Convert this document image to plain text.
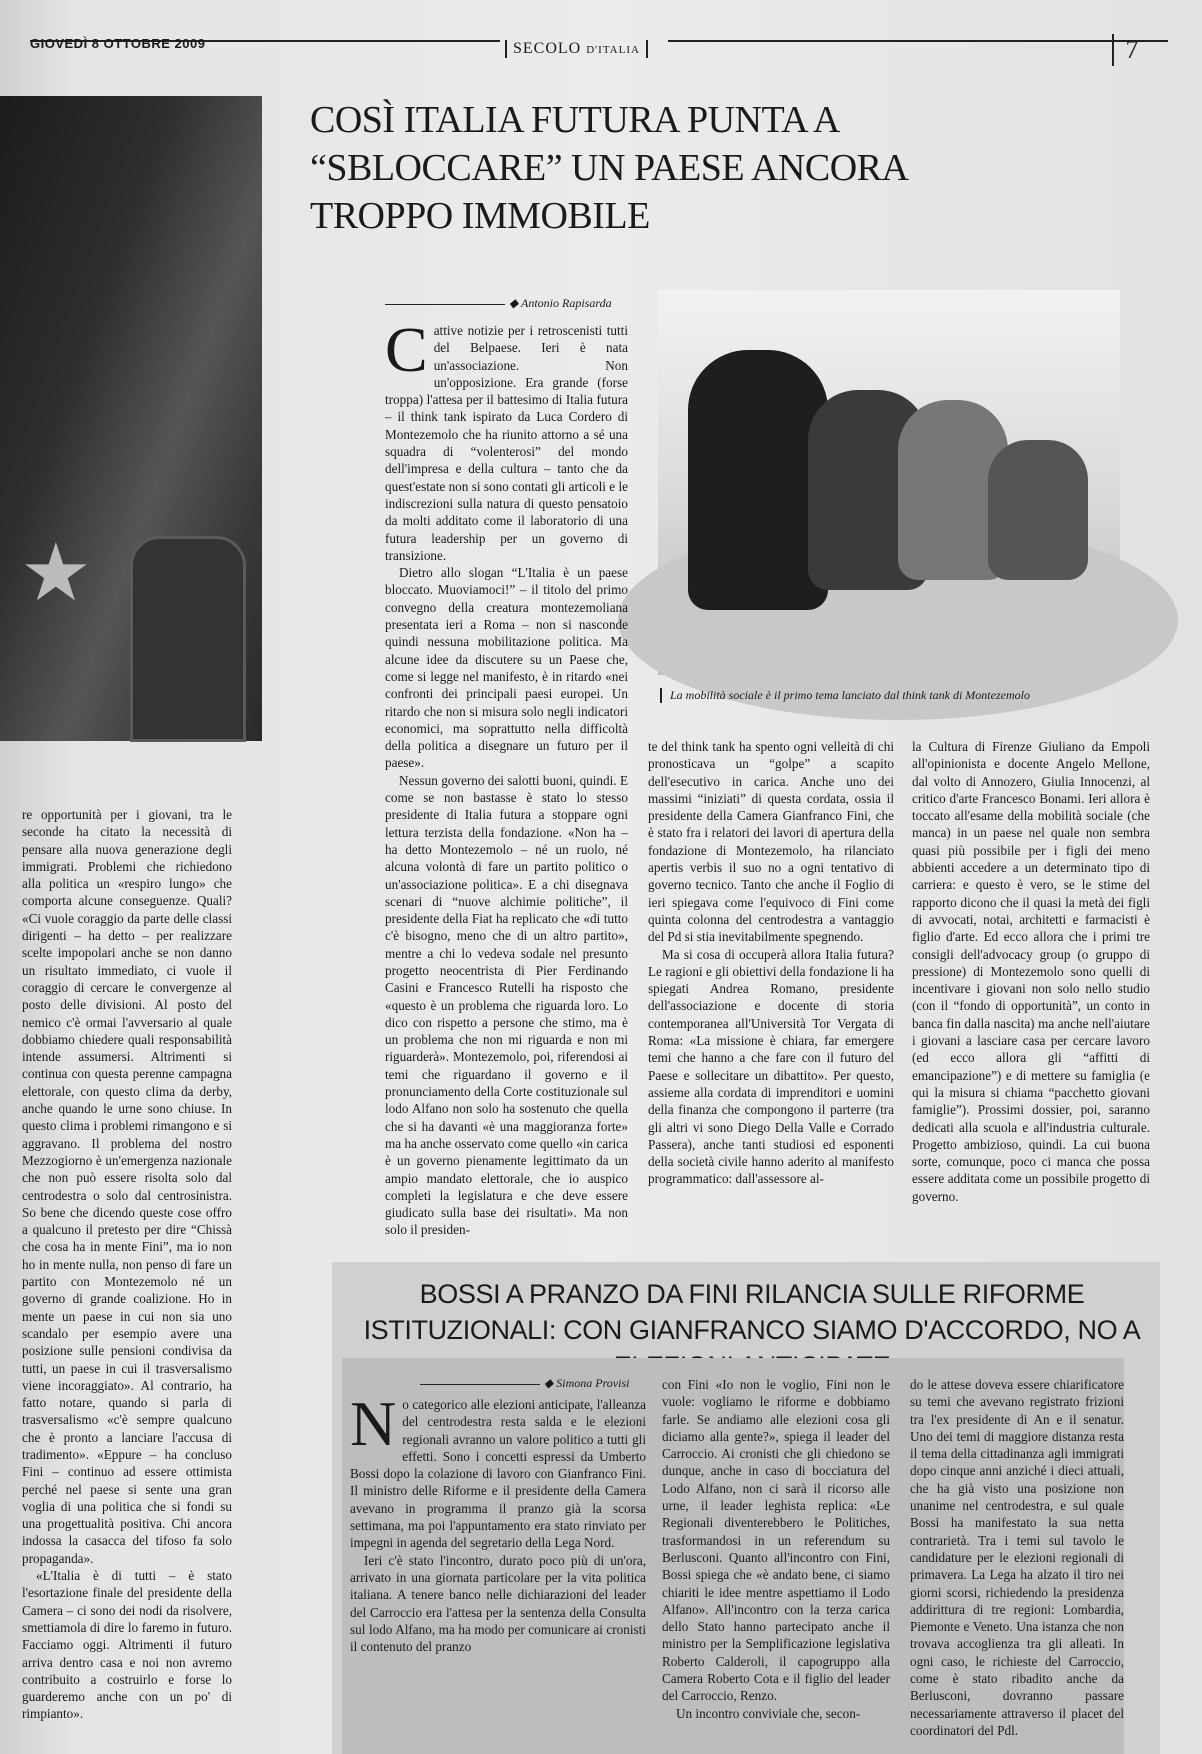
GIOVEDÌ 8 OTTOBRE 2009	SECOLO D'ITALIA	7
★
COSÌ ITALIA FUTURA PUNTA A “SBLOCCARE” UN PAESE ANCORA TROPPO IMMOBILE
◆ Antonio Rapisarda
La mobilità sociale è il primo tema lanciato dal think tank di Montezemolo

Cattive notizie per i retroscenisti tutti del Belpaese. Ieri è nata un'associazione. Non un'opposizione. Era grande (forse troppa) l'attesa per il battesimo di Italia futura – il think tank ispirato da Luca Cordero di Montezemolo che ha riunito attorno a sé una squadra di “volenterosi” del mondo dell'impresa e della cultura – tanto che da quest'estate non si sono contati gli articoli e le indiscrezioni sulla natura di questo pensatoio da molti additato come il laboratorio di una futura leadership per un governo di transizione.

Dietro allo slogan “L'Italia è un paese bloccato. Muoviamoci!” – il titolo del primo convegno della creatura montezemoliana presentata ieri a Roma – non si nasconde quindi nessuna mobilitazione politica. Ma alcune idee da discutere su un Paese che, come si legge nel manifesto, è in ritardo «nei confronti dei principali paesi europei. Un ritardo che non si misura solo negli indicatori economici, ma soprattutto nella difficoltà della politica a disegnare un futuro per il paese».

Nessun governo dei salotti buoni, quindi. E come se non bastasse è stato lo stesso presidente di Italia futura a stoppare ogni lettura terzista della fondazione. «Non ha – ha detto Montezemolo – né un ruolo, né alcuna volontà di fare un partito politico o un'associazione politica». E a chi disegnava scenari di “nuove alchimie politiche”, il presidente della Fiat ha replicato che «di tutto c'è bisogno, meno che di un altro partito», mentre a chi lo vedeva sodale nel presunto progetto neocentrista di Pier Ferdinando Casini e Francesco Rutelli ha risposto che «questo è un problema che riguarda loro. Lo dico con rispetto a persone che stimo, ma è un problema che non mi riguarda e non mi riguarderà». Montezemolo, poi, riferendosi ai temi che riguardano il governo e il pronunciamento della Corte costituzionale sul lodo Alfano non solo ha sostenuto che quella che si ha davanti «è una maggioranza forte» ma ha anche osservato come quello «in carica è un governo pienamente legittimato da un ampio mandato elettorale, che io auspico completi la legislatura e che deve essere giudicato sulla base dei risultati». Ma non solo il presiden-

te del think tank ha spento ogni velleità di chi pronosticava un “golpe” a scapito dell'esecutivo in carica. Anche uno dei massimi “iniziati” di questa cordata, ossia il presidente della Camera Gianfranco Fini, che è stato fra i relatori dei lavori di apertura della fondazione di Montezemolo, ha rilanciato apertis verbis il suo no a ogni tentativo di governo tecnico. Tanto che anche il Foglio di ieri spiegava come l'equivoco di Fini come quinta colonna del centrodestra a vantaggio del Pd si stia inevitabilmente spegnendo.

Ma si cosa di occuperà allora Italia futura? Le ragioni e gli obiettivi della fondazione li ha spiegati Andrea Romano, presidente dell'associazione e docente di storia contemporanea all'Università Tor Vergata di Roma: «La missione è chiara, far emergere temi che hanno a che fare con il futuro del Paese e sollecitare un dibattito». Per questo, assieme alla cordata di imprenditori e uomini della finanza che compongono il parterre (tra gli altri vi sono Diego Della Valle e Corrado Passera), anche tanti studiosi ed esponenti della società civile hanno aderito al manifesto programmatico: dall'assessore al-

la Cultura di Firenze Giuliano da Empoli all'opinionista e docente Angelo Mellone, dal volto di Annozero, Giulia Innocenzi, al critico d'arte Francesco Bonami. Ieri allora è toccato all'esame della mobilità sociale (che manca) in un paese nel quale non sembra quasi più possibile per i figli dei meno abbienti accedere a un determinato tipo di carriera: e questo è vero, se le stime del rapporto dicono che il quasi la metà dei figli di avvocati, notai, architetti e farmacisti è figlio d'arte. Ed ecco allora che i primi tre consigli dell'advocacy group (o gruppo di pressione) di Montezemolo sono quelli di incentivare i giovani non solo nello studio (con il “fondo di opportunità”, un conto in banca fin dalla nascita) ma anche nell'aiutare i giovani a lasciare casa per cercare lavoro (ed ecco allora gli “affitti di emancipazione”) e di mettere su famiglia (e qui la misura si chiama “pacchetto giovani famiglie”). Prossimi dossier, poi, saranno dedicati alla scuola e all'industria culturale. Progetto ambizioso, quindi. La cui buona sorte, comunque, poco ci manca che possa essere additata come un possibile progetto di governo.

re opportunità per i giovani, tra le seconde ha citato la necessità di pensare alla nuova generazione degli immigrati. Problemi che richiedono alla politica un «respiro lungo» che comporta alcune conseguenze. Quali? «Ci vuole coraggio da parte delle classi dirigenti – ha detto – per realizzare scelte impopolari anche se non danno un risultato immediato, ci vuole il coraggio di cercare le convergenze al posto delle divisioni. Al posto del nemico c'è ormai l'avversario al quale dobbiamo chiedere quali responsabilità intende assumersi. Altrimenti si continua con questa perenne campagna elettorale, con questo clima da derby, anche quando le urne sono chiuse. In questo clima i problemi rimangono e si aggravano. Il problema del nostro Mezzogiorno è un'emergenza nazionale che non può essere risolta solo dal centrodestra o solo dal centrosinistra. So bene che dicendo queste cose offro a qualcuno il pretesto per dire “Chissà che cosa ha in mente Fini”, ma io non ho in mente nulla, non penso di fare un partito con Montezemolo né un governo di grande coalizione. Ho in mente un paese in cui non sia uno scandalo per esempio avere una posizione sulle pensioni condivisa da tutti, un paese in cui il trasversalismo viene incoraggiato». Al contrario, ha fatto notare, quando si parla di trasversalismo «c'è sempre qualcuno che è pronto a lanciare l'accusa di tradimento». «Eppure – ha concluso Fini – continuo ad essere ottimista perché nel paese si sente una gran voglia di una politica che si fondi su una progettualità positiva. Chi ancora indossa la casacca del tifoso fa solo propaganda».

«L'Italia è di tutti – è stato l'esortazione finale del presidente della Camera – ci sono dei nodi da risolvere, smettiamola di dire lo faremo in futuro. Facciamo oggi. Altrimenti il futuro arriva dentro casa e noi non avremo contribuito a costruirlo e forse lo guarderemo anche con un po' di rimpianto».

BOSSI A PRANZO DA FINI RILANCIA SULLE RIFORME ISTITUZIONALI: CON GIANFRANCO SIAMO D'ACCORDO, NO A
◆ Simona Provisi

No categorico alle elezioni anticipate, l'alleanza del centrodestra resta salda e le elezioni regionali avranno un valore politico a tutti gli effetti. Sono i concetti espressi da Umberto Bossi dopo la colazione di lavoro con Gianfranco Fini. Il ministro delle Riforme e il presidente della Camera avevano in programma il pranzo già la scorsa settimana, ma poi l'appuntamento era stato rinviato per impegni in agenda del segretario della Lega Nord.

Ieri c'è stato l'incontro, durato poco più di un'ora, arrivato in una giornata particolare per la vita politica italiana. A tenere banco nelle dichiarazioni del leader del Carroccio era l'attesa per la sentenza della Consulta sul lodo Alfano, ma ha modo per comunicare ai cronisti il contenuto del pranzo

con Fini «Io non le voglio, Fini non le vuole: vogliamo le riforme e dobbiamo farle. Se andiamo alle elezioni cosa gli diciamo alla gente?», spiega il leader del Carroccio. Ai cronisti che gli chiedono se dunque, anche in caso di bocciatura del Lodo Alfano, non ci sarà il ricorso alle urne, il leader leghista replica: «Le Regionali diventerebbero le Politiches, trasformandosi in un referendum su Berlusconi. Quanto all'incontro con Fini, Bossi spiega che «è andato bene, ci siamo chiariti le idee mentre aspettiamo il Lodo Alfano». All'incontro con la terza carica dello Stato hanno partecipato anche il ministro per la Semplificazione legislativa Roberto Calderoli, il capogruppo alla Camera Roberto Cota e il figlio del leader del Carroccio, Renzo.

Un incontro conviviale che, secon-

do le attese doveva essere chiarificatore su temi che avevano registrato frizioni tra l'ex presidente di An e il senatur. Uno dei temi di maggiore distanza resta il tema della cittadinanza agli immigrati dopo cinque anni anziché i dieci attuali, che ha già visto una posizione non unanime nel centrodestra, e sul quale Bossi ha manifestato la sua netta contrarietà. Tra i temi sul tavolo le candidature per le elezioni regionali di primavera. La Lega ha alzato il tiro nei giorni scorsi, richiedendo la presidenza addirittura di tre regioni: Lombardia, Piemonte e Veneto. Una istanza che non trovava accoglienza tra gli alleati. In ogni caso, le richieste del Carroccio, come è stato ribadito anche da Berlusconi, dovranno passare necessariamente attraverso il placet del coordinatori del Pdl.
